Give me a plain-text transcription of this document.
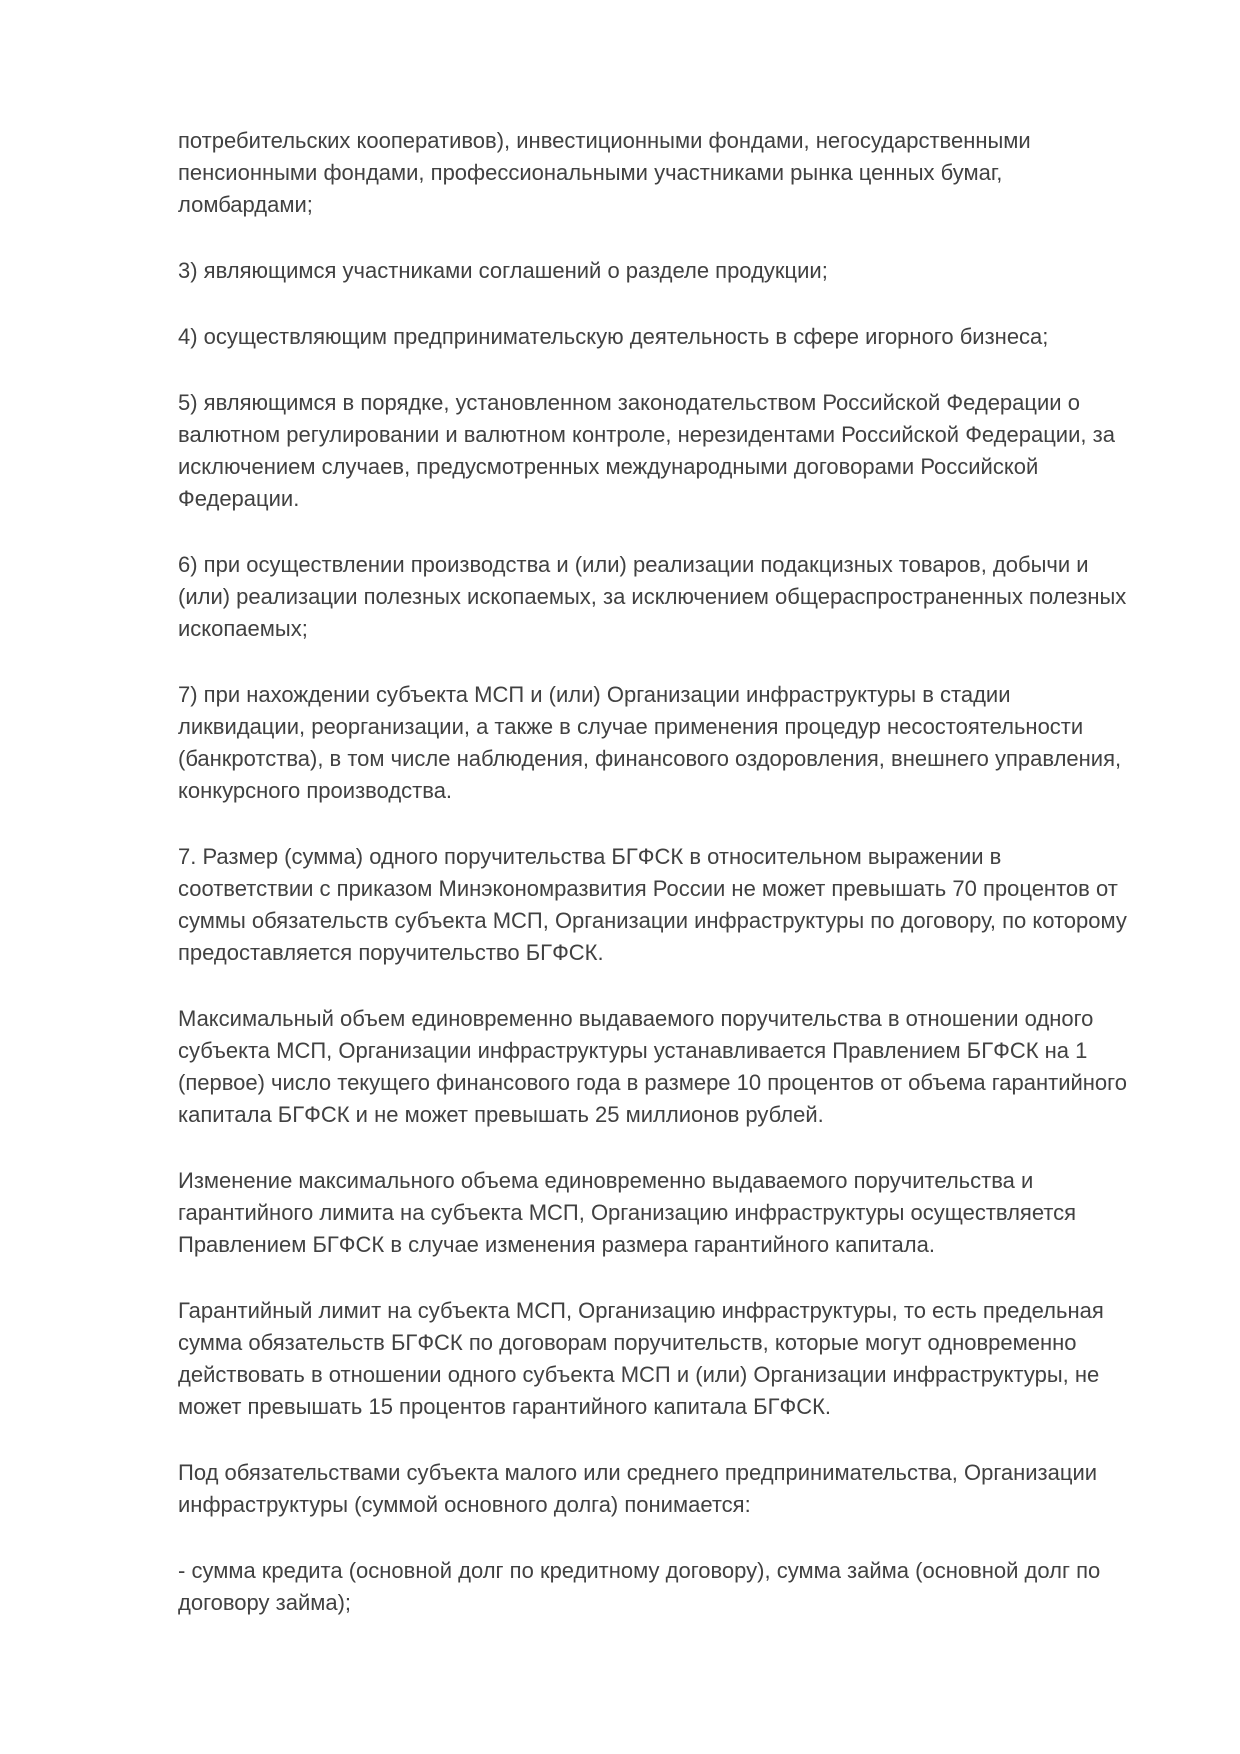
потребительских кооперативов), инвестиционными фондами, негосударственными
пенсионными фондами, профессиональными участниками рынка ценных бумаг,
ломбардами;

3) являющимся участниками соглашений о разделе продукции;

4) осуществляющим предпринимательскую деятельность в сфере игорного бизнеса;

5) являющимся в порядке, установленном законодательством Российской Федерации о
валютном регулировании и валютном контроле, нерезидентами Российской Федерации, за
исключением случаев, предусмотренных международными договорами Российской
Федерации.

6) при осуществлении производства и (или) реализации подакцизных товаров, добычи и
(или) реализации полезных ископаемых, за исключением общераспространенных полезных
ископаемых;

7) при нахождении субъекта МСП и (или) Организации инфраструктуры в стадии
ликвидации, реорганизации, а также в случае применения процедур несостоятельности
(банкротства), в том числе наблюдения, финансового оздоровления, внешнего управления,
конкурсного производства.

7. Размер (сумма) одного поручительства БГФСК в относительном выражении в
соответствии с приказом Минэкономразвития России не может превышать 70 процентов от
суммы обязательств субъекта МСП, Организации инфраструктуры по договору, по которому
предоставляется поручительство БГФСК.

Максимальный объем единовременно выдаваемого поручительства в отношении одного
субъекта МСП, Организации инфраструктуры устанавливается Правлением БГФСК на 1
(первое) число текущего финансового года в размере 10 процентов от объема гарантийного
капитала БГФСК и не может превышать 25 миллионов рублей.

Изменение максимального объема единовременно выдаваемого поручительства и
гарантийного лимита на субъекта МСП, Организацию инфраструктуры осуществляется
Правлением БГФСК в случае изменения размера гарантийного капитала.

Гарантийный лимит на субъекта МСП, Организацию инфраструктуры, то есть предельная
сумма обязательств БГФСК по договорам поручительств, которые могут одновременно
действовать в отношении одного субъекта МСП и (или) Организации инфраструктуры, не
может превышать 15 процентов гарантийного капитала БГФСК.

Под обязательствами субъекта малого или среднего предпринимательства, Организации
инфраструктуры (суммой основного долга) понимается:

- сумма кредита (основной долг по кредитному договору), сумма займа (основной долг по
договору займа);
